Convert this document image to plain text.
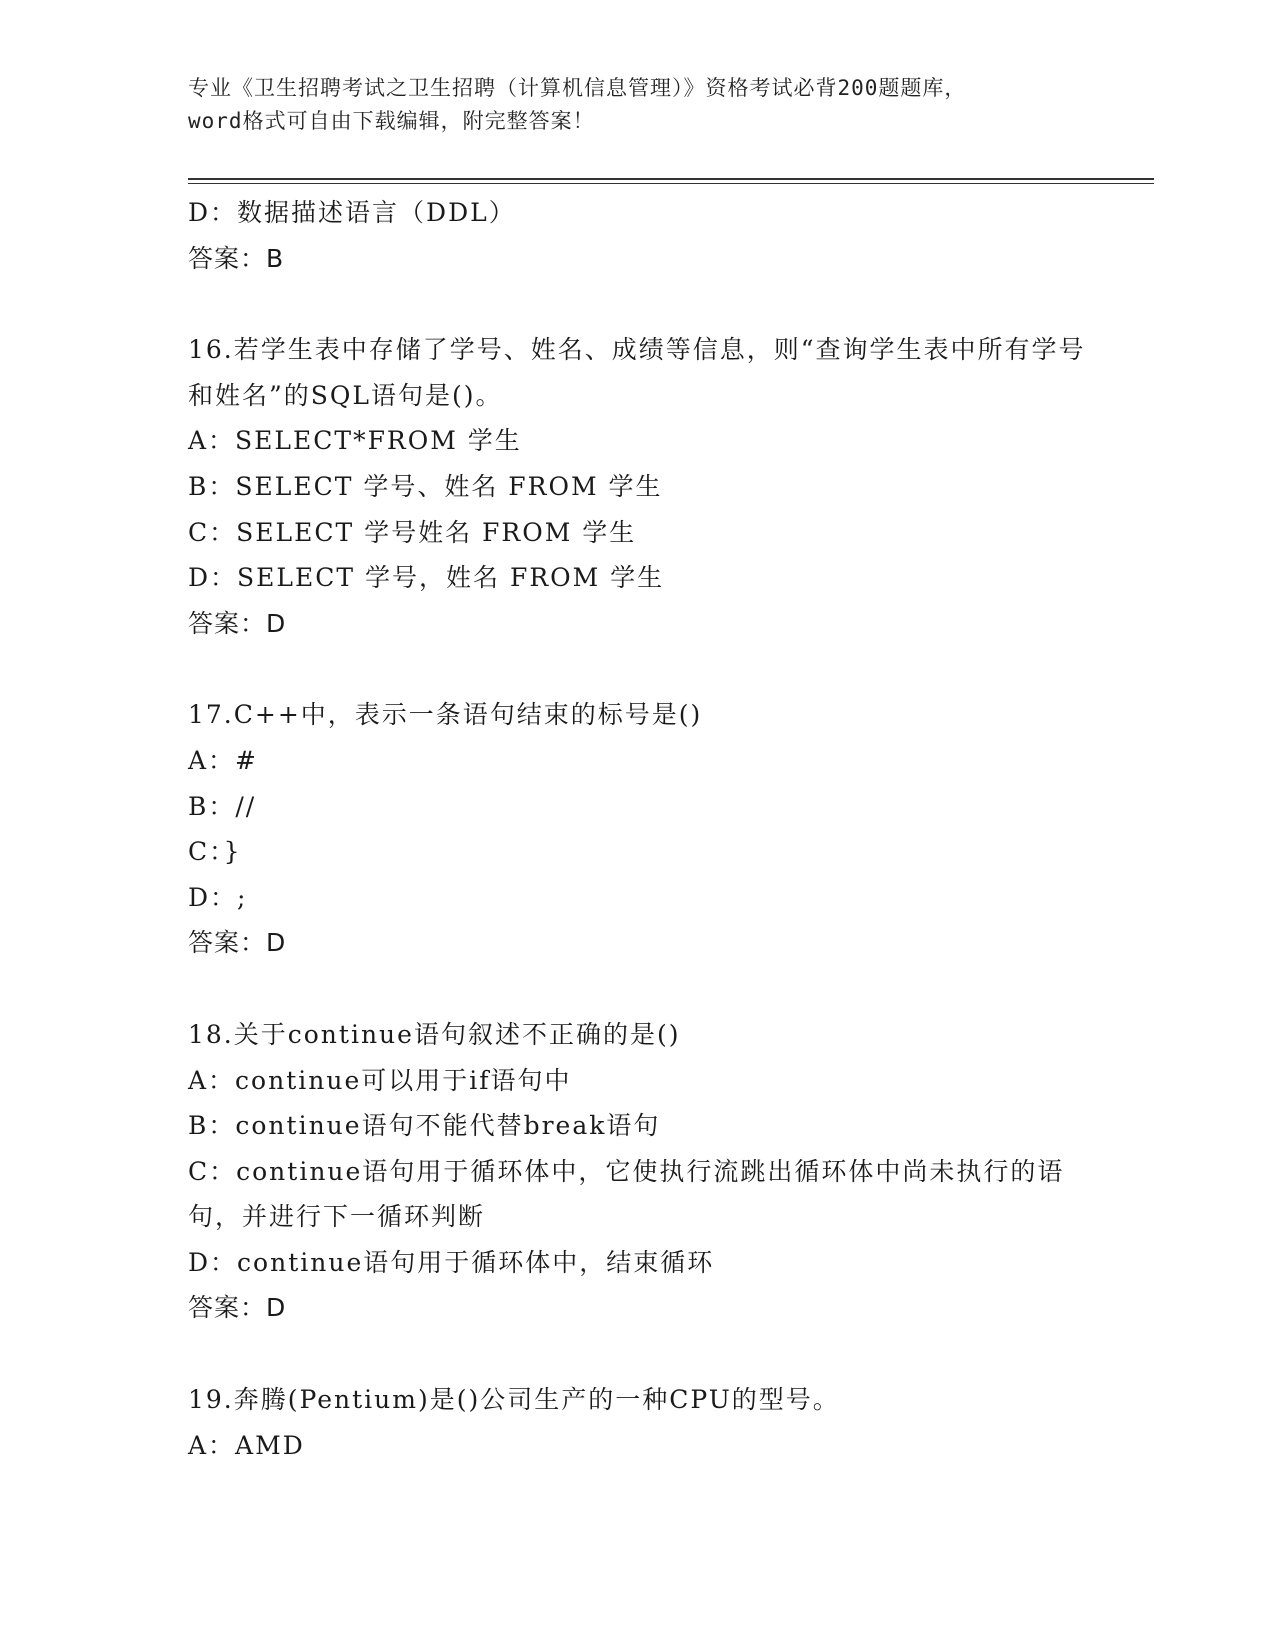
专业《卫生招聘考试之卫生招聘（计算机信息管理）》资格考试必背200题题库，
word格式可自由下载编辑，附完整答案！
D：数据描述语言（DDL）
答案：B
16.若学生表中存储了学号、姓名、成绩等信息，则“查询学生表中所有学号和姓名”的SQL语句是()。
A：SELECT*FROM 学生
B：SELECT 学号、姓名 FROM 学生
C：SELECT 学号姓名 FROM 学生
D：SELECT 学号，姓名 FROM 学生
答案：D
17.C++中，表示一条语句结束的标号是()
A：#
B：//
C：}
D：;
答案：D
18.关于continue语句叙述不正确的是()
A：continue可以用于if语句中
B：continue语句不能代替break语句
C：continue语句用于循环体中，它使执行流跳出循环体中尚未执行的语句，并进行下一循环判断
D：continue语句用于循环体中，结束循环
答案：D
19.奔腾(Pentium)是()公司生产的一种CPU的型号。
A：AMD
